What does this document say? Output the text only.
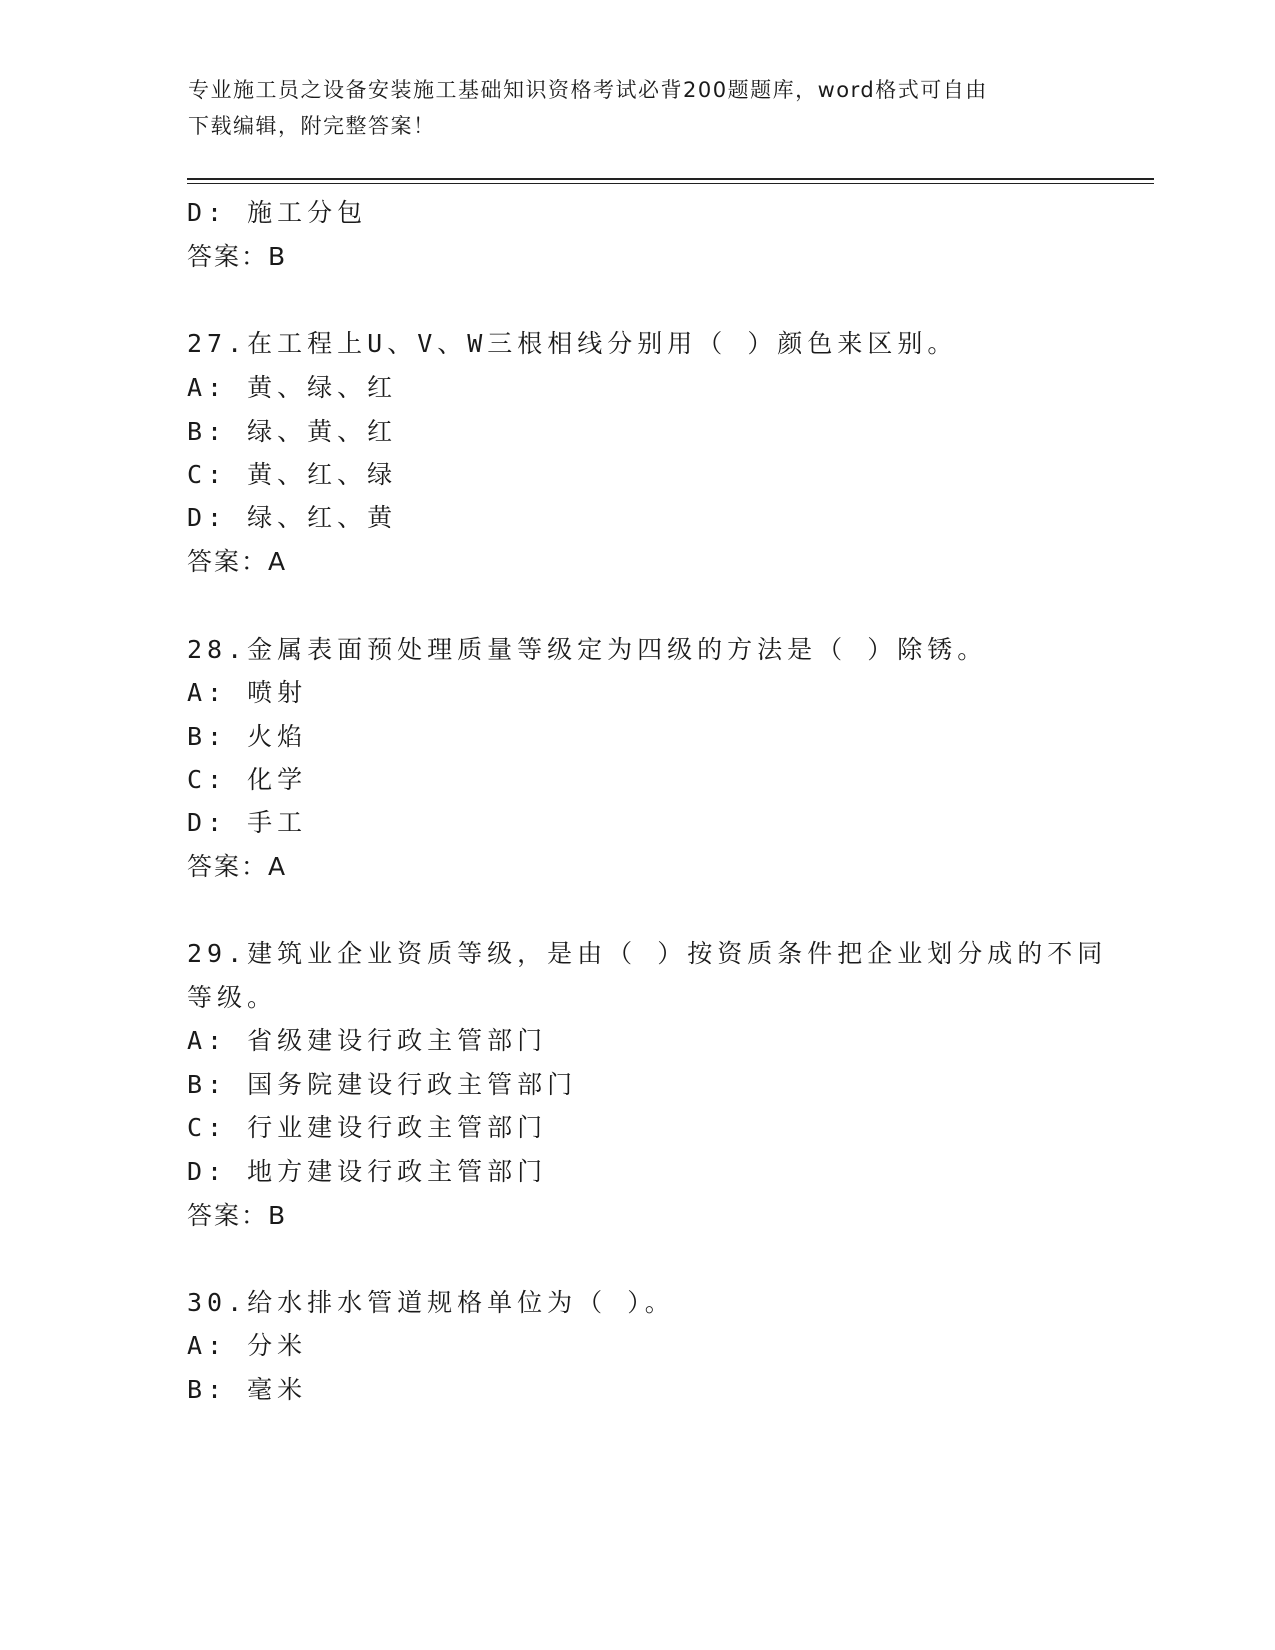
专业施工员之设备安装施工基础知识资格考试必背200题题库，word格式可自由
下载编辑，附完整答案！
D: 施工分包
答案：B
27.在工程上U、V、W三根相线分别用（ ）颜色来区别。
A: 黄、绿、红
B: 绿、黄、红
C: 黄、红、绿
D: 绿、红、黄
答案：A
28.金属表面预处理质量等级定为四级的方法是（ ）除锈。
A: 喷射
B: 火焰
C: 化学
D: 手工
答案：A
29.建筑业企业资质等级，是由（ ）按资质条件把企业划分成的不同
等级。
A: 省级建设行政主管部门
B: 国务院建设行政主管部门
C: 行业建设行政主管部门
D: 地方建设行政主管部门
答案：B
30.给水排水管道规格单位为（ ）。
A: 分米
B: 毫米
